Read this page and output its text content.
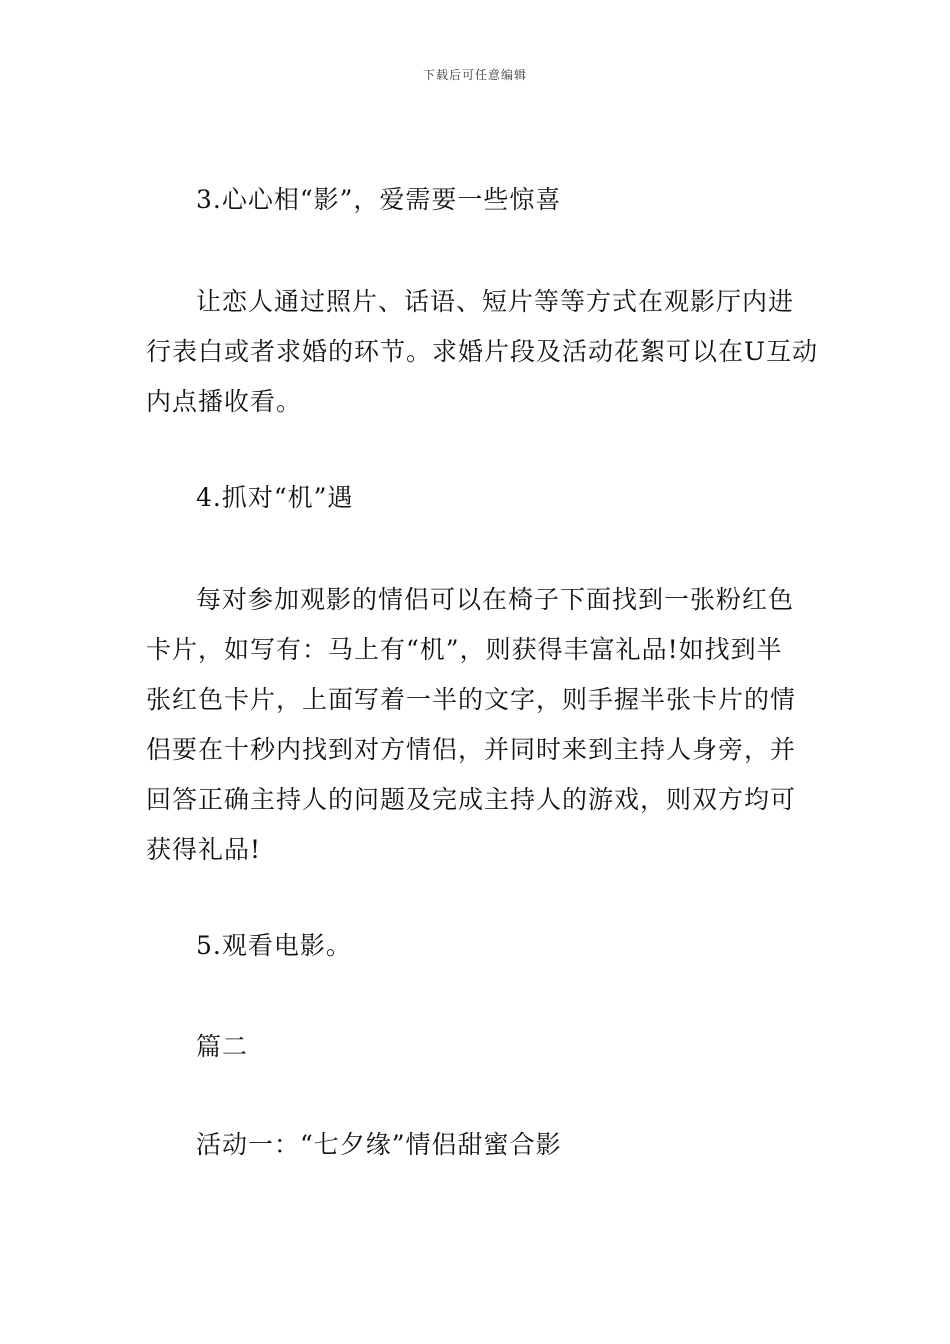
下载后可任意编辑

3.心心相“影”，爱需要一些惊喜

让恋人通过照片、话语、短片等等方式在观影厅内进
行表白或者求婚的环节。求婚片段及活动花絮可以在U互动
内点播收看。

4.抓对“机”遇

每对参加观影的情侣可以在椅子下面找到一张粉红色
卡片，如写有：马上有“机”，则获得丰富礼品!如找到半
张红色卡片，上面写着一半的文字，则手握半张卡片的情
侣要在十秒内找到对方情侣，并同时来到主持人身旁，并
回答正确主持人的问题及完成主持人的游戏，则双方均可
获得礼品!

5.观看电影。

篇二

活动一：“七夕缘”情侣甜蜜合影
